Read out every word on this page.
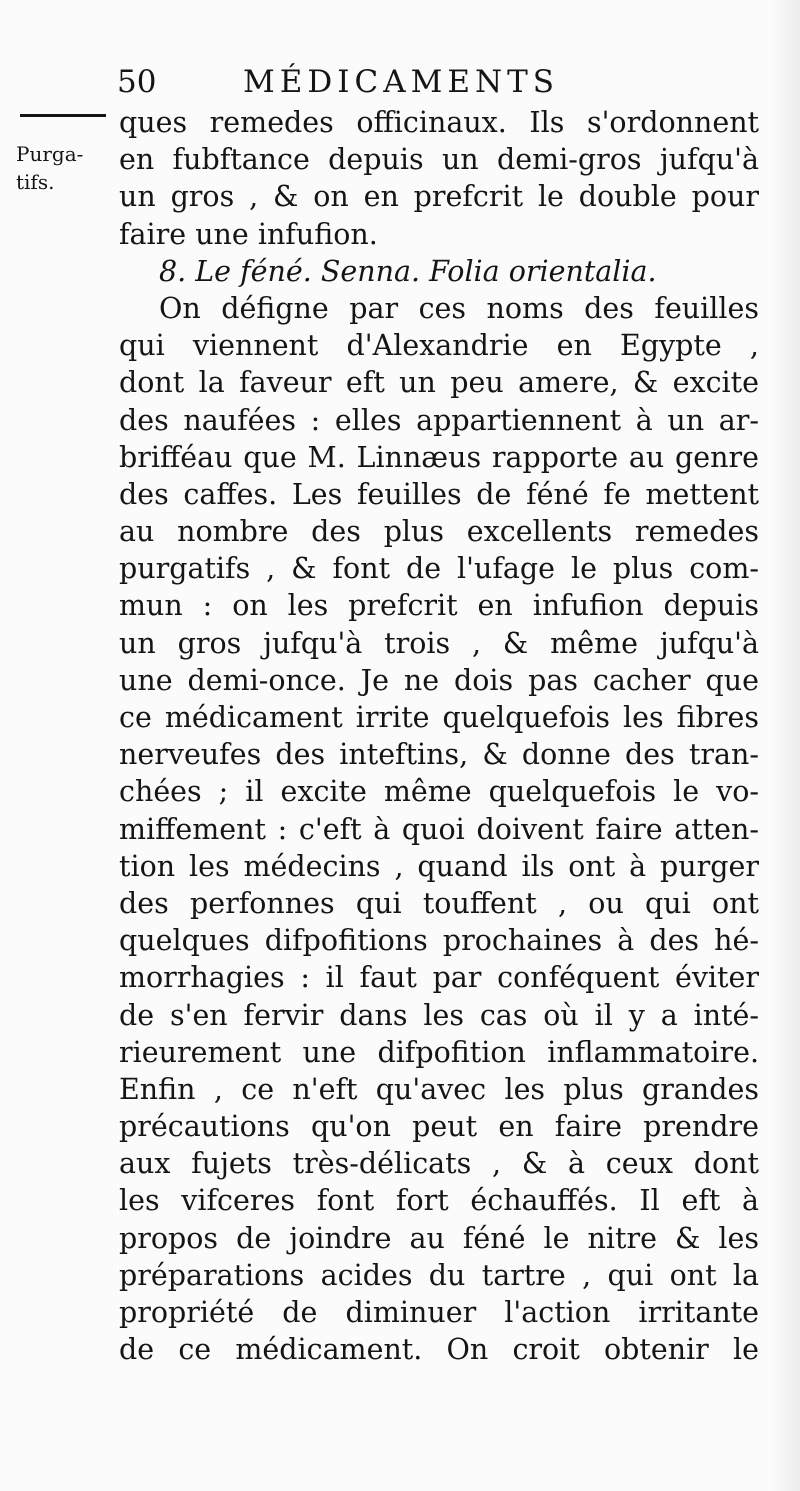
50	MÉDICAMENTS
Purga-
tifs.
ques remedes officinaux. Ils s'ordonnent
en fubftance depuis un demi-gros jufqu'à
un gros , & on en prefcrit le double pour
faire une infufion.
8. Le féné. Senna. Folia orientalia.
On défigne par ces noms des feuilles
qui viennent d'Alexandrie en Egypte ,
dont la faveur eft un peu amere, & excite
des naufées : elles appartiennent à un ar-
brifféau que M. Linnæus rapporte au genre
des caffes. Les feuilles de féné fe mettent
au nombre des plus excellents remedes
purgatifs , & font de l'ufage le plus com-
mun : on les prefcrit en infufion depuis
un gros jufqu'à trois , & même jufqu'à
une demi-once. Je ne dois pas cacher que
ce médicament irrite quelquefois les fibres
nerveufes des inteftins, & donne des tran-
chées ; il excite même quelquefois le vo-
miffement : c'eft à quoi doivent faire atten-
tion les médecins , quand ils ont à purger
des perfonnes qui touffent , ou qui ont
quelques difpofitions prochaines à des hé-
morrhagies : il faut par conféquent éviter
de s'en fervir dans les cas où il y a inté-
rieurement une difpofition inflammatoire.
Enfin , ce n'eft qu'avec les plus grandes
précautions qu'on peut en faire prendre
aux fujets très-délicats , & à ceux dont
les vifceres font fort échauffés. Il eft à
propos de joindre au féné le nitre & les
préparations acides du tartre , qui ont la
propriété de diminuer l'action irritante
de ce médicament. On croit obtenir le
